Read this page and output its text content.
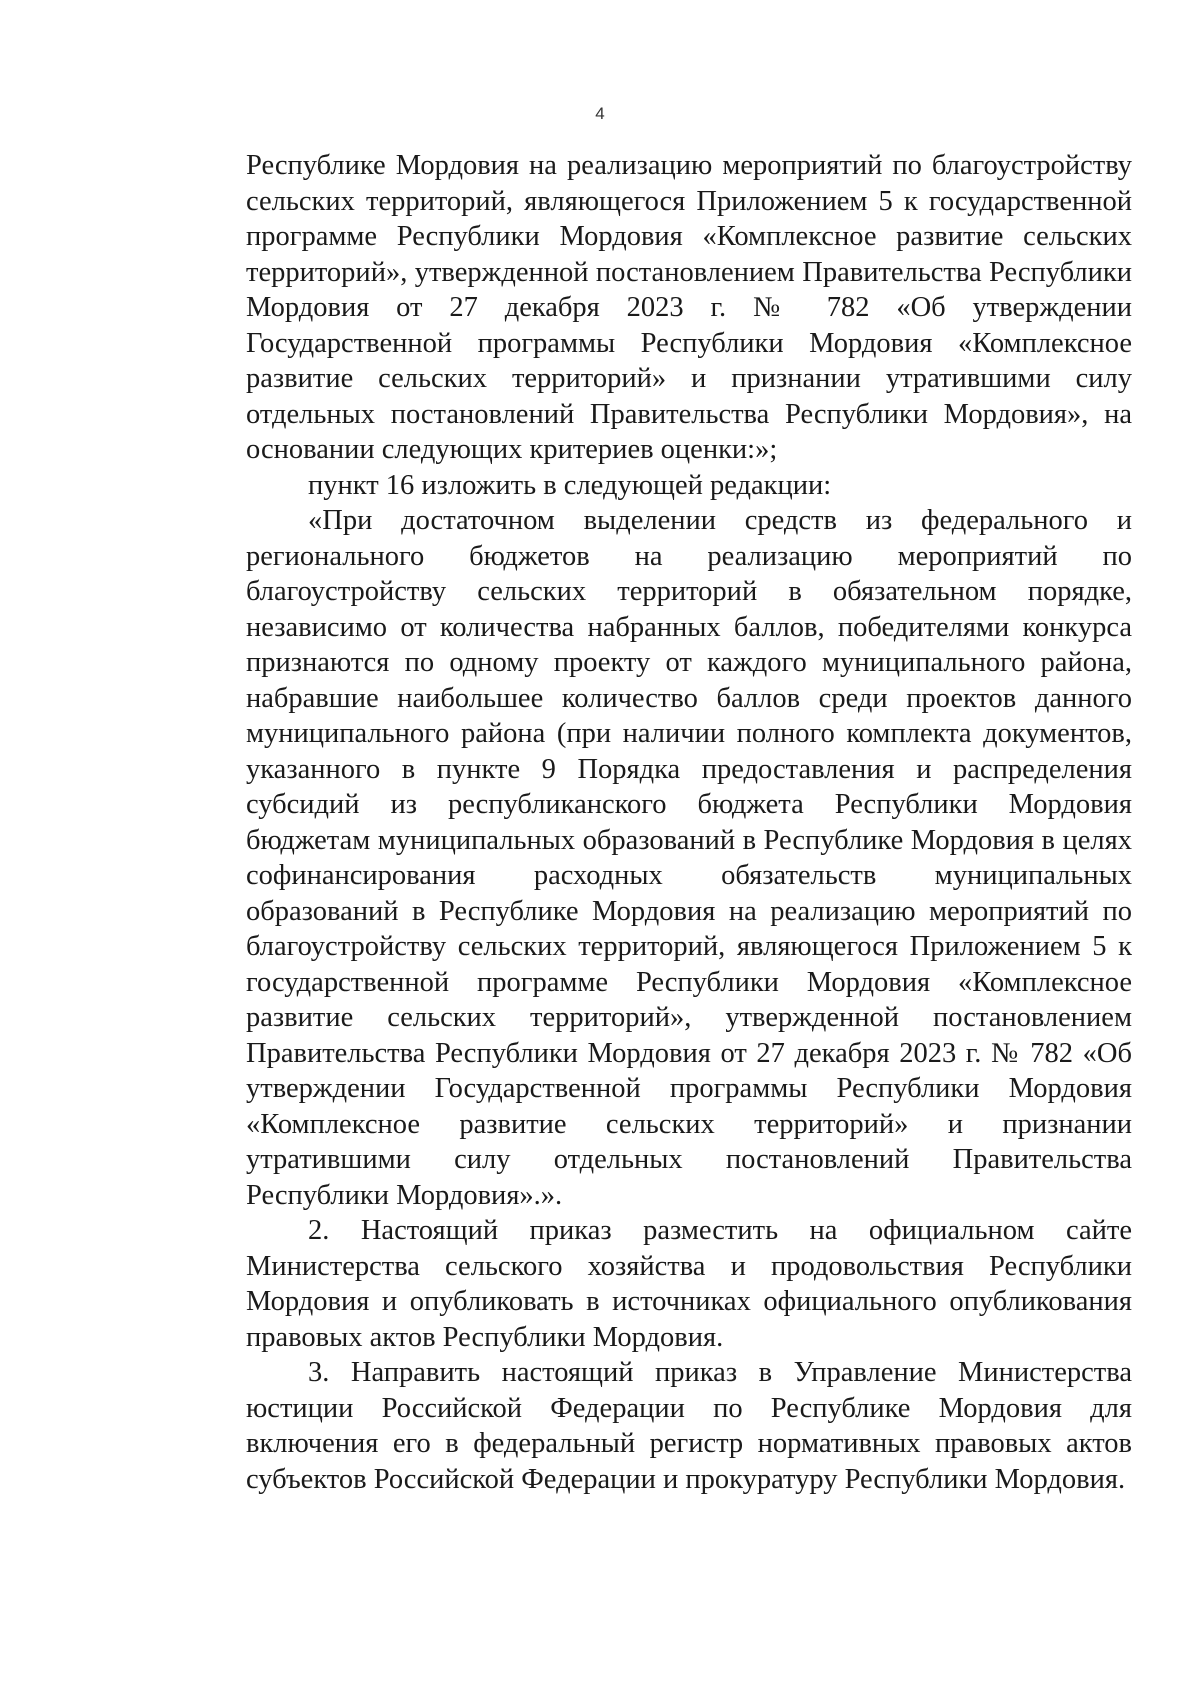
4

Республике Мордовия на реализацию мероприятий по благоустройству сельских территорий, являющегося Приложением 5 к государственной программе Республики Мордовия «Комплексное развитие сельских территорий», утвержденной постановлением Правительства Республики Мордовия от 27 декабря 2023 г. № 782 «Об утверждении Государственной программы Республики Мордовия «Комплексное развитие сельских территорий» и признании утратившими силу отдельных постановлений Правительства Республики Мордовия», на основании следующих критериев оценки:»;

пункт 16 изложить в следующей редакции:

«При достаточном выделении средств из федерального и регионального бюджетов на реализацию мероприятий по благоустройству сельских территорий в обязательном порядке, независимо от количества набранных баллов, победителями конкурса признаются по одному проекту от каждого муниципального района, набравшие наибольшее количество баллов среди проектов данного муниципального района (при наличии полного комплекта документов, указанного в пункте 9 Порядка предоставления и распределения субсидий из республиканского бюджета Республики Мордовия бюджетам муниципальных образований в Республике Мордовия в целях софинансирования расходных обязательств муниципальных образований в Республике Мордовия на реализацию мероприятий по благоустройству сельских территорий, являющегося Приложением 5 к государственной программе Республики Мордовия «Комплексное развитие сельских территорий», утвержденной постановлением Правительства Республики Мордовия от 27 декабря 2023 г. № 782 «Об утверждении Государственной программы Республики Мордовия «Комплексное развитие сельских территорий» и признании утратившими силу отдельных постановлений Правительства Республики Мордовия».».

2. Настоящий приказ разместить на официальном сайте Министерства сельского хозяйства и продовольствия Республики Мордовия и опубликовать в источниках официального опубликования правовых актов Республики Мордовия.

3. Направить настоящий приказ в Управление Министерства юстиции Российской Федерации по Республике Мордовия для включения его в федеральный регистр нормативных правовых актов субъектов Российской Федерации и прокуратуру Республики Мордовия.
